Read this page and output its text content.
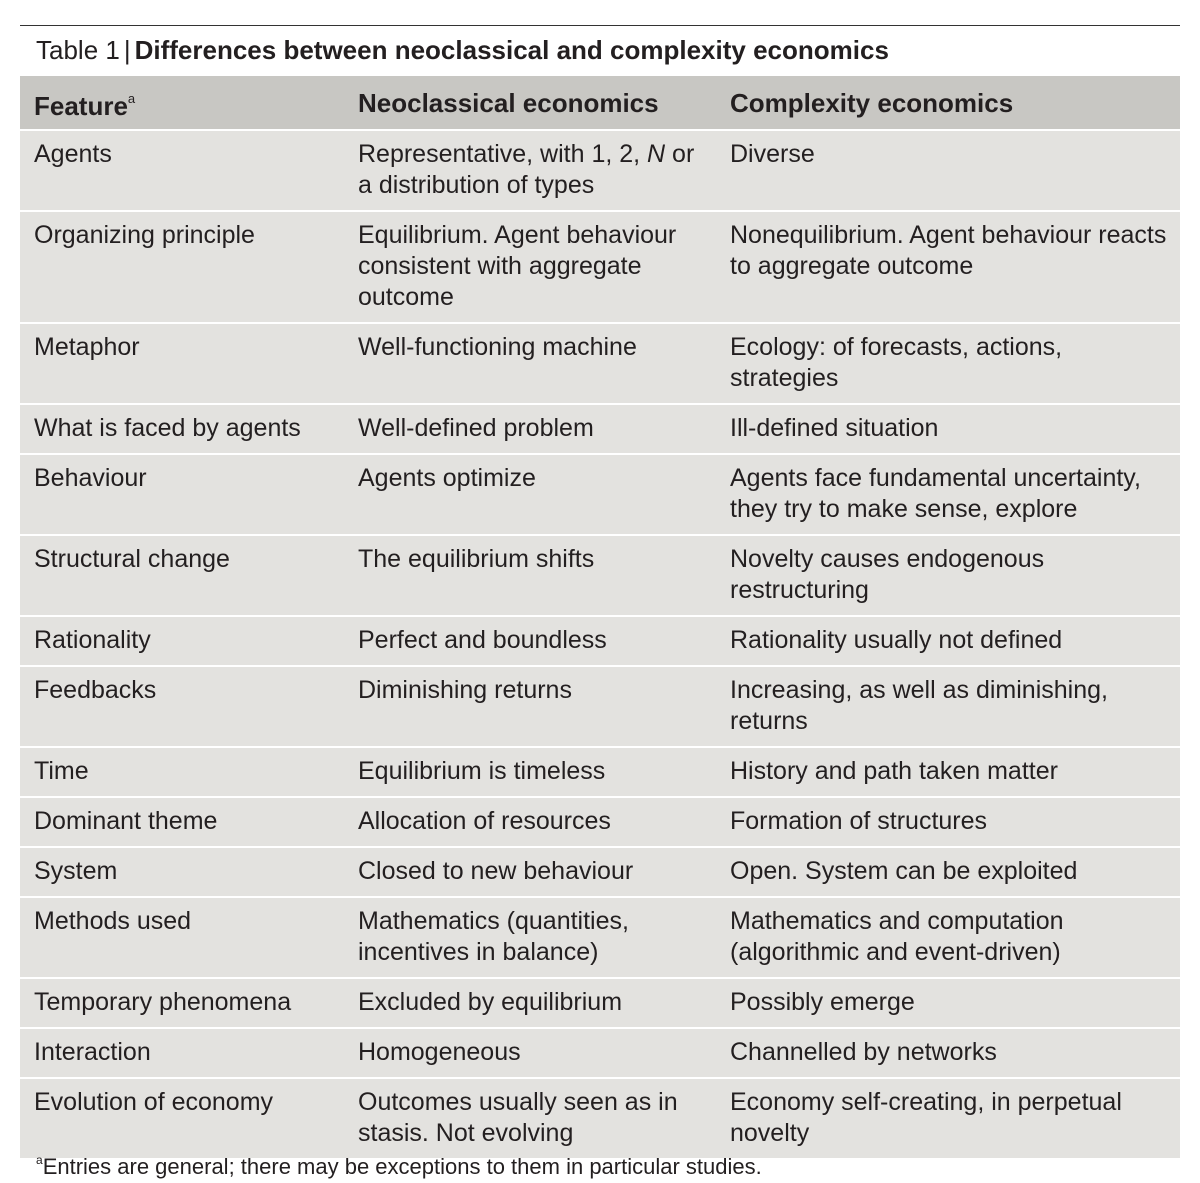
Table 1 | Differences between neoclassical and complexity economics
Feature$^a$	Neoclassical economics	Complexity economics
Agents	Representative, with 1, 2, N or a distribution of types	Diverse
Organizing principle	Equilibrium. Agent behaviour consistent with aggregate outcome	Nonequilibrium. Agent behaviour reacts to aggregate outcome
Metaphor	Well-functioning machine	Ecology: of forecasts, actions, strategies
What is faced by agents	Well-defined problem	Ill-defined situation
Behaviour	Agents optimize	Agents face fundamental uncertainty, they try to make sense, explore
Structural change	The equilibrium shifts	Novelty causes endogenous restructuring
Rationality	Perfect and boundless	Rationality usually not defined
Feedbacks	Diminishing returns	Increasing, as well as diminishing, returns
Time	Equilibrium is timeless	History and path taken matter
Dominant theme	Allocation of resources	Formation of structures
System	Closed to new behaviour	Open. System can be exploited
Methods used	Mathematics (quantities, incentives in balance)	Mathematics and computation (algorithmic and event-driven)
Temporary phenomena	Excluded by equilibrium	Possibly emerge
Interaction	Homogeneous	Channelled by networks
Evolution of economy	Outcomes usually seen as in stasis. Not evolving	Economy self-creating, in perpetual novelty
$^a$Entries are general; there may be exceptions to them in particular studies.
